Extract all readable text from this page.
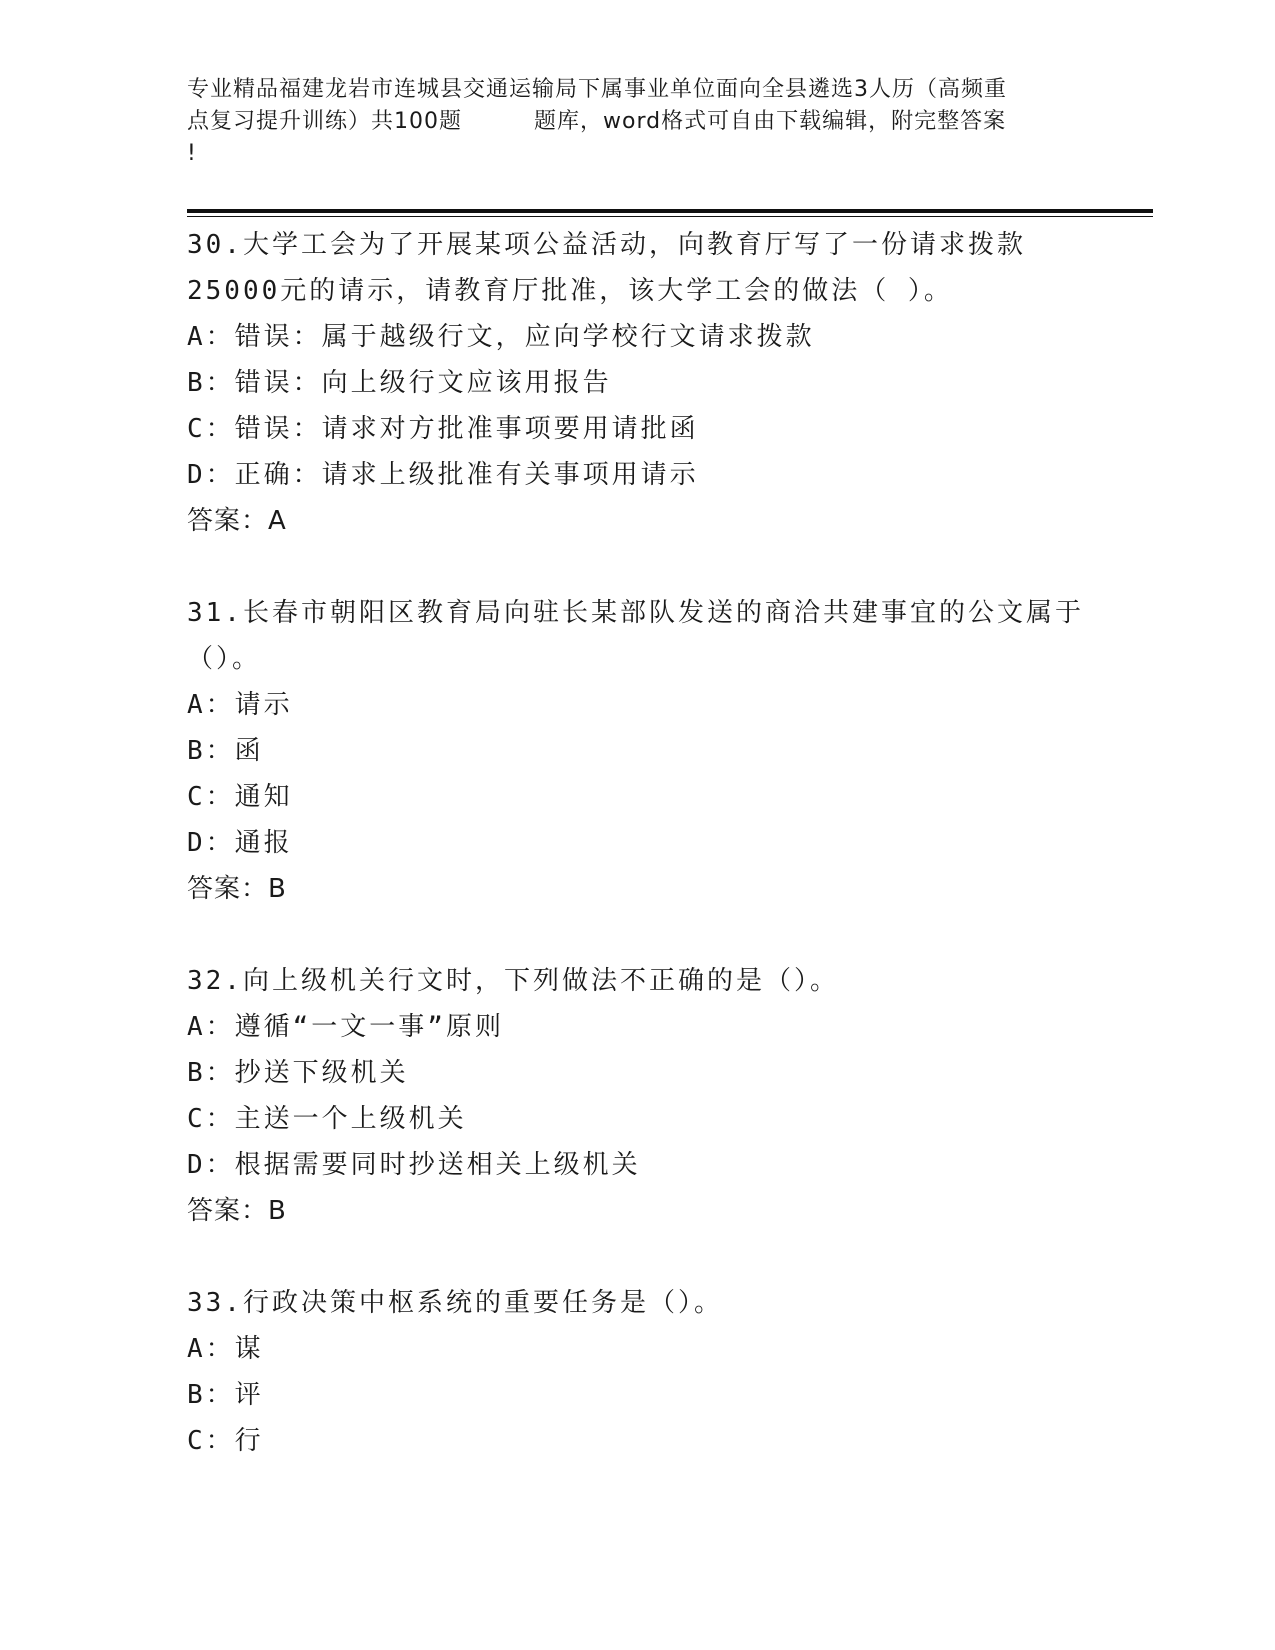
专业精品福建龙岩市连城县交通运输局下属事业单位面向全县遴选3人历（高频重
点复习提升训练）共100题	题库，word格式可自由下载编辑，附完整答案
!
30.大学工会为了开展某项公益活动，向教育厅写了一份请求拨款
25000元的请示，请教育厅批准，该大学工会的做法（ ）。
A：错误：属于越级行文，应向学校行文请求拨款
B：错误：向上级行文应该用报告
C：错误：请求对方批准事项要用请批函
D：正确：请求上级批准有关事项用请示
答案：A
31.长春市朝阳区教育局向驻长某部队发送的商洽共建事宜的公文属于
（）。
A：请示
B：函
C：通知
D：通报
答案：B
32.向上级机关行文时，下列做法不正确的是（）。
A：遵循“一文一事”原则
B：抄送下级机关
C：主送一个上级机关
D：根据需要同时抄送相关上级机关
答案：B
33.行政决策中枢系统的重要任务是（）。
A：谋
B：评
C：行
